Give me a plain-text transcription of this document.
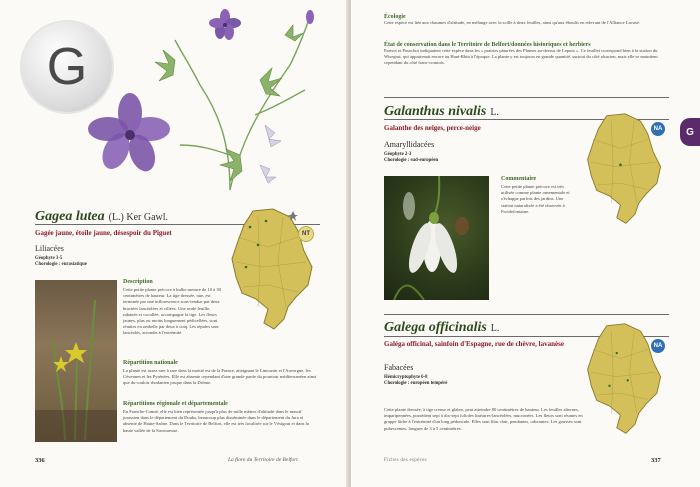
G
Gagea lutea (L.) Ker Gawl.
Gagée jaune, étoile jaune, désespoir du Piguet
Liliacées
Géophyte 3-5
Chorologie : eurasiatique
NT
Description
Cette petite plante précoce à bulbe mesure de 10 à 30 centimètres de hauteur. La tige dressée, nue, est terminée par une inflorescence sous-tendue par deux bractées lancéolées et ciliées. Une seule feuille, rubanée et cucullée, accompagne la tige. Les fleurs jaunes, plus ou moins longuement pédicellées, sont réunies en ombelle par deux à cinq. Les tépales sont lancéolés, arrondis à l'extrémité.
Répartition nationale
La plante est assez rare à rare dans la moitié est de la France, atteignant le Limousin et l'Auvergne, les Cévennes et les Pyrénées. Elle est absente cependant d'une grande partie du pourtour méditerranéen ainsi que du couloir rhodanien jusque dans la Drôme.
Répartitions régionale et départementale
En Franche-Comté, elle est bien représentée jusqu'à plus de mille mètres d'altitude dans le massif jurassien dans le département du Doubs, beaucoup plus disséminée dans le département du Jura et absente de Haute-Saône. Dans le Territoire de Belfort, elle est très localisée sur le Vésigout et dans la haute vallée de la Savoureuse.
336	La flore du Territoire de Belfort
Écologie
Cette espèce est liée aux chaumes d'altitude, en mélange avec la scille à deux feuilles, ainsi qu'aux éboulis en relevant de l'Alliance Lacuse.
État de conservation dans le Territoire de Belfort/données historiques et herbiers
Parisot et Pourchot indiquaient cette espèce dans les « prairies pâturées des Plaines au-dessus de Lepuix ». Ce feuillet correspond bien à la station du Wisegrut, qui appartenait encore au Haut-Rhin à l'époque. La plante y est toujours en grande quantité, surtout du côté alsacien, mais elle se maintient cependant du côté franc-comtois.
Galanthus nivalis L.
Galanthe des neiges, perce-neige
Amaryllidacées
Géophyte 2-3
Chorologie : sud-européen
NA
Commentaire
Cette petite plante précoce est très utilisée comme plante ornementale et s'échappe parfois des jardins. Une station naturalisée a été observée à Froidefontaine.
Galega officinalis L.
Galéga officinal, sainfoin d'Espagne, rue de chèvre, lavanèse
Fabacées
Hémicryptophyte 6-8
Chorologie : européen tempéré
NA
Cette plante dressée, à tige creuse et glabre, peut atteindre 80 centimètres de hauteur. Les feuilles alternes, imparipennées, possèdent sept à dix-sept folioles linéaires-lancéolées, mucronées. Les fleurs sont réunies en grappe lâche à l'extrémité d'un long pédoncule. Elles sont lilas clair, pendantes, odorantes. Les gousses sont pubescentes, longues de 3 à 5 centimètres.
G
Fiches des espèces	337
